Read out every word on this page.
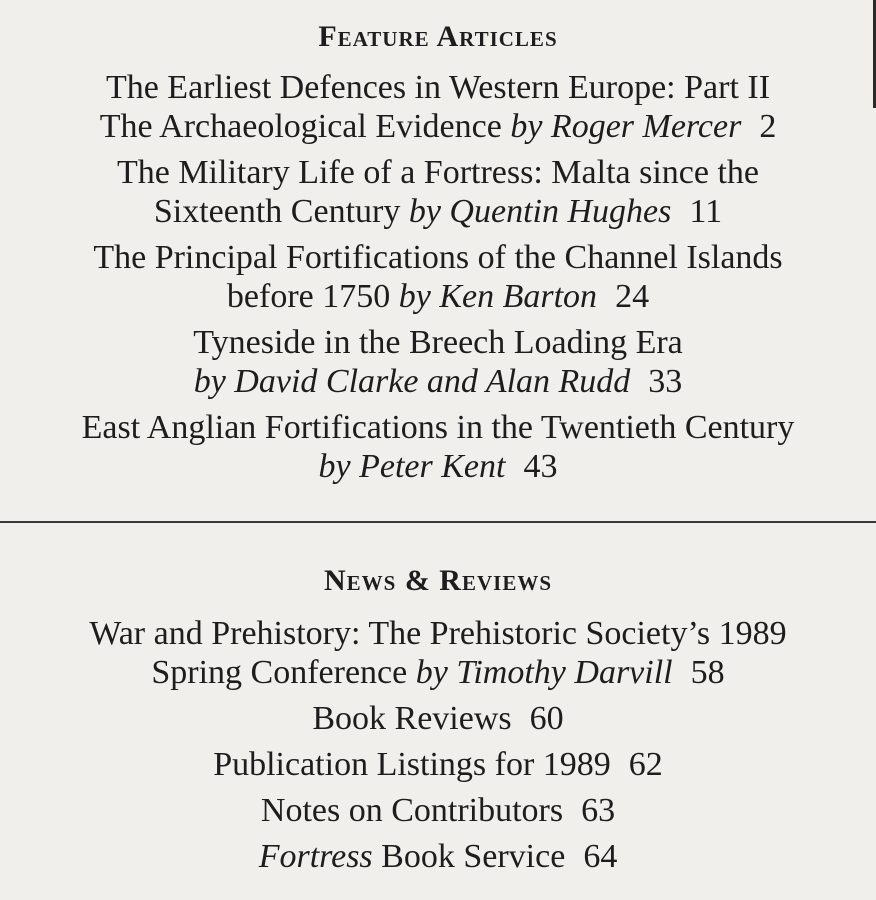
Feature Articles
The Earliest Defences in Western Europe: Part II
The Archaeological Evidence by Roger Mercer 2
The Military Life of a Fortress: Malta since the
Sixteenth Century by Quentin Hughes 11
The Principal Fortifications of the Channel Islands
before 1750 by Ken Barton 24
Tyneside in the Breech Loading Era
by David Clarke and Alan Rudd 33
East Anglian Fortifications in the Twentieth Century
by Peter Kent 43
News & Reviews
War and Prehistory: The Prehistoric Society’s 1989
Spring Conference by Timothy Darvill 58
Book Reviews 60
Publication Listings for 1989 62
Notes on Contributors 63
Fortress Book Service 64
